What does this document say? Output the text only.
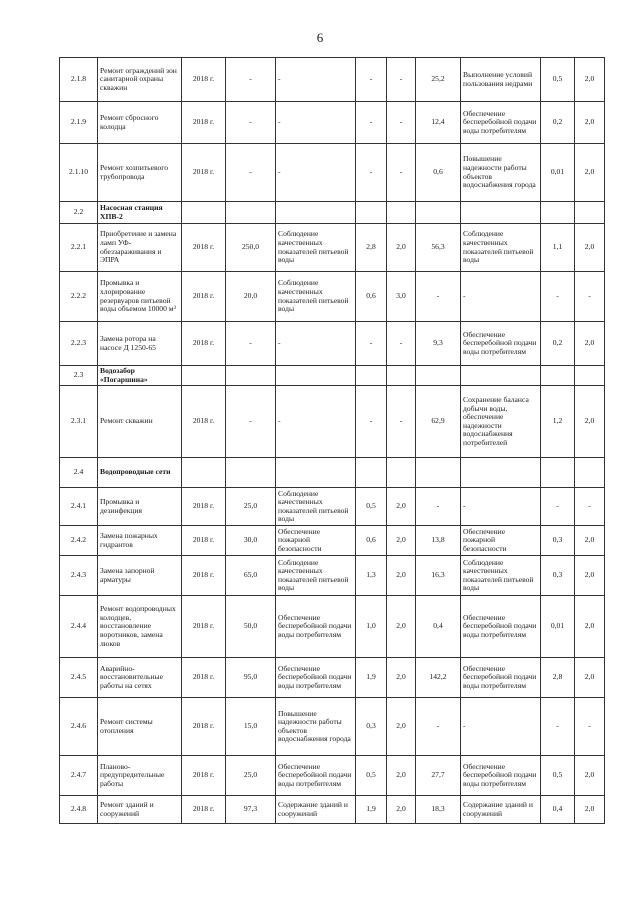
6
2.1.8	Ремонт ограждений зон санитарной охраны скважин	2018 г.	-	-	-	-	25,2	Выполнение условий пользования недрами	0,5	2,0
2.1.9	Ремонт сбросного колодца	2018 г.	-	-	-	-	12,4	Обеспечение бесперебойной подачи воды потребителям	0,2	2,0
2.1.10	Ремонт хозпитьевого трубопровода	2018 г.	-	-	-	-	0,6	Повышение надежности работы объектов водоснабжения города	0,01	2,0
2.2	Насосная станция ХПВ-2									
2.2.1	Приобретение и замена ламп УФ-обеззараживания и ЭПРА	2018 г.	250,0	Соблюдение качественных показателей питьевой воды	2,8	2,0	56,3	Соблюдение качественных показателей питьевой воды	1,1	2,0
2.2.2	Промывка и хлорирование резервуаров питьевой воды объемом 10000 м³	2018 г.	20,0	Соблюдение качественных показателей питьевой воды	0,6	3,0	-	-	-	-
2.2.3	Замена ротора на насосе Д 1250-65	2018 г.	-	-	-	-	9,3	Обеспечение бесперебойной подачи воды потребителям	0,2	2,0
2.3	Водозабор «Погаршина»									
2.3.1	Ремонт скважин	2018 г.	-	-	-	-	62,9	Сохранение баланса добычи воды, обеспечение надежности водоснабжения потребителей	1,2	2,0
2.4	Водопроводные сети									
2.4.1	Промывка и дезинфекция	2018 г.	25,0	Соблюдение качественных показателей питьевой воды	0,5	2,0	-	-	-	-
2.4.2	Замена пожарных гидрантов	2018 г.	30,0	Обеспечение пожарной безопасности	0,6	2,0	13,8	Обеспечение пожарной безопасности	0,3	2,0
2.4.3	Замена запорной арматуры	2018 г.	65,0	Соблюдение качественных показателей питьевой воды	1,3	2,0	16,3	Соблюдение качественных показателей питьевой воды	0,3	2,0
2.4.4	Ремонт водопроводных колодцев, восстановление воротников, замена люков	2018 г.	50,0	Обеспечение бесперебойной подачи воды потребителям	1,0	2,0	0,4	Обеспечение бесперебойной подачи воды потребителям	0,01	2,0
2.4.5	Аварийно-восстановительные работы на сетях	2018 г.	95,0	Обеспечение бесперебойной подачи воды потребителям	1,9	2,0	142,2	Обеспечение бесперебойной подачи воды потребителям	2,8	2,0
2.4.6	Ремонт системы отопления	2018 г.	15,0	Повышение надежности работы объектов водоснабжения города	0,3	2,0	-	-	-	-
2.4.7	Планово-предупредительные работы	2018 г.	25,0	Обеспечение бесперебойной подачи воды потребителям	0,5	2,0	27,7	Обеспечение бесперебойной подачи воды потребителям	0,5	2,0
2.4.8	Ремонт зданий и сооружений	2018 г.	97,3	Содержание зданий и сооружений	1,9	2,0	18,3	Содержание зданий и сооружений	0,4	2,0
